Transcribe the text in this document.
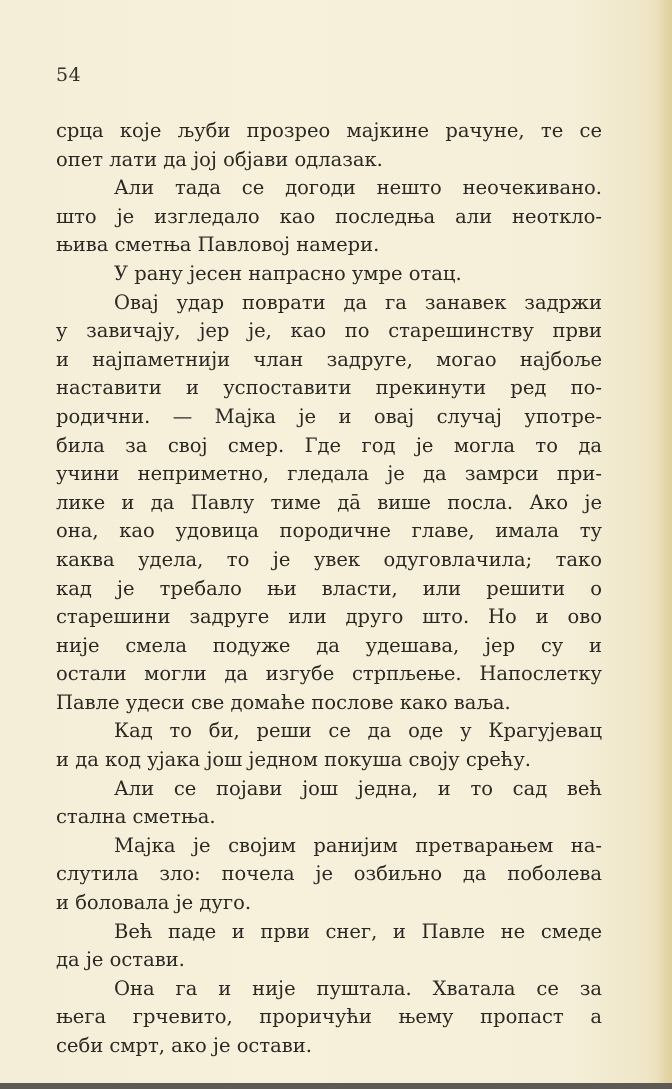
54
срца које љуби прозрео мајкине рачуне, те се
опет лати да јој објави одлазак.
Али тада се догоди нешто неочекивано.
што је изгледало као последња али неоткло-
њива сметња Павловој намери.
У рану јесен напрасно умре отац.
Овај удар поврати да га занавек задржи
у завичају, јер је, као по старешинству први
и најпаметнији члан задруге, могао најбоље
наставити и успоставити прекинути ред по-
родични. — Мајка је и овај случај употре-
била за свој смер. Где год је могла то да
учини неприметно, гледала је да замрси при-
лике и да Павлу тиме да̄ више посла. Ако је
она, као удовица породичне главе, имала ту
каква удела, то је увек одуговлачила; тако
кад је требало њи власти, или решити о
старешини задруге или друго што. Но и ово
није смела подуже да удешава, јер су и
остали могли да изгубе стрпљење. Напослетку
Павле удеси све домаће послове како ваља.
Кад то би, реши се да оде у Крагујевац
и да код ујака још једном покуша своју срећу.
Али се појави још једна, и то сад већ
стална сметња.
Мајка је својим ранијим претварањем на-
слутила зло: почела је озбиљно да поболева
и боловала је дуго.
Већ паде и први снег, и Павле не смеде
да је остави.
Она га и није пуштала. Хватала се за
њега грчевито, проричући њему пропаст а
себи смрт, ако је остави.
